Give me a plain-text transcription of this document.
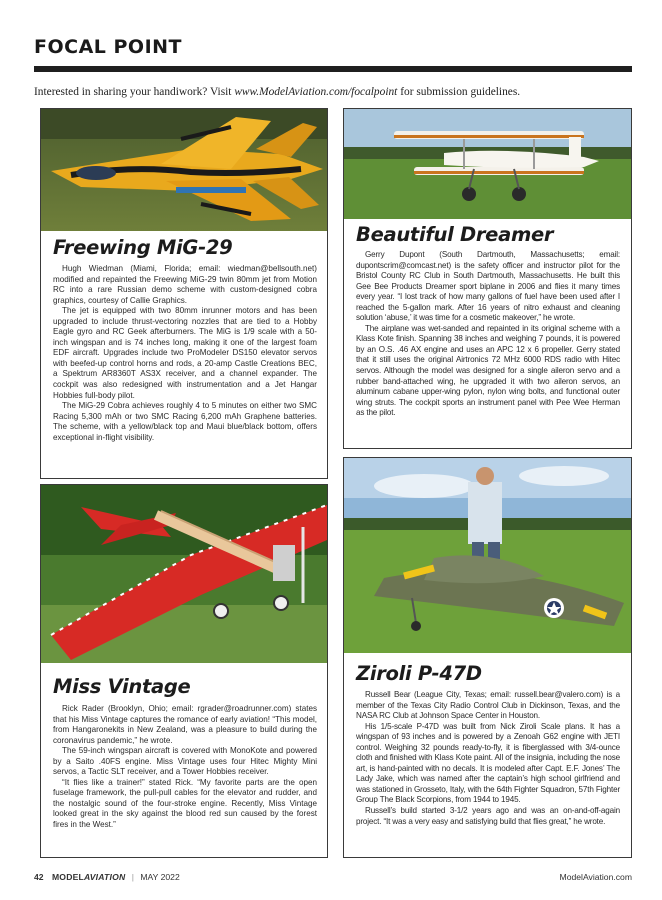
FOCAL POINT

Interested in sharing your handiwork? Visit www.ModelAviation.com/focalpoint for submission guidelines.

Freewing MiG-29

Hugh Wiedman (Miami, Florida; email: wiedman@bellsouth.net) modified and repainted the Freewing MiG-29 twin 80mm jet from Motion RC into a rare Russian demo scheme with custom-designed cobra graphics, courtesy of Callie Graphics.

The jet is equipped with two 80mm inrunner motors and has been upgraded to include thrust-vectoring nozzles that are tied to a Hobby Eagle gyro and RC Geek afterburners. The MiG is 1/9 scale with a 50-inch wingspan and is 74 inches long, making it one of the largest foam EDF aircraft. Upgrades include two ProModeler DS150 elevator servos with beefed-up control horns and rods, a 20-amp Castle Creations BEC, a Spektrum AR8360T AS3X receiver, and a channel expander. The cockpit was also redesigned with instrumentation and a Jet Hangar Hobbies full-body pilot.

The MiG-29 Cobra achieves roughly 4 to 5 minutes on either two SMC Racing 5,300 mAh or two SMC Racing 6,200 mAh Graphene batteries. The scheme, with a yellow/black top and Maui blue/black bottom, offers exceptional in-flight visibility.

Beautiful Dreamer

Gerry Dupont (South Dartmouth, Massachusetts; email: dupontscrim@comcast.net) is the safety officer and instructor pilot for the Bristol County RC Club in South Dartmouth, Massachusetts. He built this Gee Bee Products Dreamer sport biplane in 2006 and flies it many times every year. “I lost track of how many gallons of fuel have been used after I reached the 5-gallon mark. After 16 years of nitro exhaust and cleaning solution ‘abuse,’ it was time for a cosmetic makeover,” he wrote.

The airplane was wet-sanded and repainted in its original scheme with a Klass Kote finish. Spanning 38 inches and weighing 7 pounds, it is powered by an O.S. .46 AX engine and uses an APC 12 x 6 propeller. Gerry stated that it still uses the original Airtronics 72 MHz 6000 RDS radio with Hitec servos. Although the model was designed for a single aileron servo and a rubber band-attached wing, he upgraded it with two aileron servos, an aluminum cabane upper-wing pylon, nylon wing bolts, and functional outer wing struts. The cockpit sports an instrument panel with Pee Wee Herman as the pilot.

Miss Vintage

Rick Rader (Brooklyn, Ohio; email: rgrader@roadrunner.com) states that his Miss Vintage captures the romance of early aviation! “This model, from Hangaronekits in New Zealand, was a pleasure to build during the coronavirus pandemic,” he wrote.

The 59-inch wingspan aircraft is covered with MonoKote and powered by a Saito .40FS engine. Miss Vintage uses four Hitec Mighty Mini servos, a Tactic SLT receiver, and a Tower Hobbies receiver.

“It flies like a trainer!” stated Rick. “My favorite parts are the open fuselage framework, the pull-pull cables for the elevator and rudder, and the nostalgic sound of the four-stroke engine. Recently, Miss Vintage looked great in the sky against the blood red sun caused by the forest fires in the West.”

Ziroli P-47D

Russell Bear (League City, Texas; email: russell.bear@valero.com) is a member of the Texas City Radio Control Club in Dickinson, Texas, and the NASA RC Club at Johnson Space Center in Houston.

His 1/5-scale P-47D was built from Nick Ziroli Scale plans. It has a wingspan of 93 inches and is powered by a Zenoah G62 engine with JETI control. Weighing 32 pounds ready-to-fly, it is fiberglassed with 3/4-ounce cloth and finished with Klass Kote paint. All of the insignia, including the nose art, is hand-painted with no decals. It is modeled after Capt. E.F. Jones’ The Lady Jake, which was named after the captain’s high school girlfriend and was stationed in Grosseto, Italy, with the 64th Fighter Squadron, 57th Fighter Group The Black Scorpions, from 1944 to 1945.

Russell’s build started 3-1/2 years ago and was an on-and-off-again project. “It was a very easy and satisfying build that flies great,” he wrote.

42 MODELAVIATION | MAY 2022	ModelAviation.com
